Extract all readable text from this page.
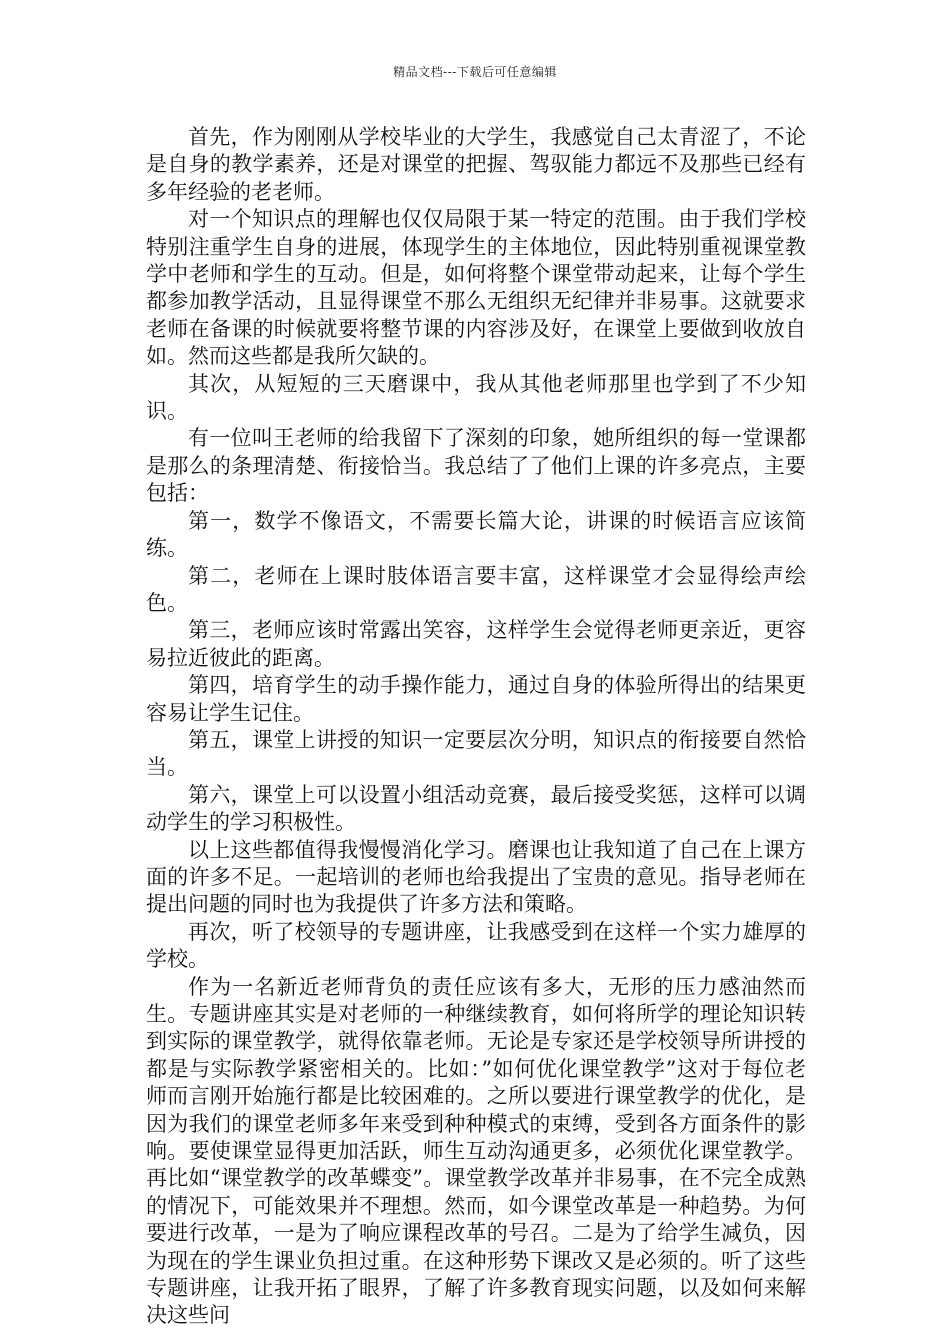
精品文档---下载后可任意编辑

首先，作为刚刚从学校毕业的大学生，我感觉自己太青涩了，不论是自身的教学素养，还是对课堂的把握、驾驭能力都远不及那些已经有多年经验的老老师。

对一个知识点的理解也仅仅局限于某一特定的范围。由于我们学校特别注重学生自身的进展，体现学生的主体地位，因此特别重视课堂教学中老师和学生的互动。但是，如何将整个课堂带动起来，让每个学生都参加教学活动，且显得课堂不那么无组织无纪律并非易事。这就要求老师在备课的时候就要将整节课的内容涉及好，在课堂上要做到收放自如。然而这些都是我所欠缺的。

其次，从短短的三天磨课中，我从其他老师那里也学到了不少知识。

有一位叫王老师的给我留下了深刻的印象，她所组织的每一堂课都是那么的条理清楚、衔接恰当。我总结了了他们上课的许多亮点，主要包括：

第一，数学不像语文，不需要长篇大论，讲课的时候语言应该简练。

第二，老师在上课时肢体语言要丰富，这样课堂才会显得绘声绘色。

第三，老师应该时常露出笑容，这样学生会觉得老师更亲近，更容易拉近彼此的距离。

第四，培育学生的动手操作能力，通过自身的体验所得出的结果更容易让学生记住。

第五，课堂上讲授的知识一定要层次分明，知识点的衔接要自然恰当。

第六，课堂上可以设置小组活动竞赛，最后接受奖惩，这样可以调动学生的学习积极性。

以上这些都值得我慢慢消化学习。磨课也让我知道了自己在上课方面的许多不足。一起培训的老师也给我提出了宝贵的意见。指导老师在提出问题的同时也为我提供了许多方法和策略。

再次，听了校领导的专题讲座，让我感受到在这样一个实力雄厚的学校。

作为一名新近老师背负的责任应该有多大，无形的压力感油然而生。专题讲座其实是对老师的一种继续教育，如何将所学的理论知识转到实际的课堂教学，就得依靠老师。无论是专家还是学校领导所讲授的都是与实际教学紧密相关的。比如：”如何优化课堂教学”这对于每位老师而言刚开始施行都是比较困难的。之所以要进行课堂教学的优化，是因为我们的课堂老师多年来受到种种模式的束缚，受到各方面条件的影响。要使课堂显得更加活跃，师生互动沟通更多，必须优化课堂教学。再比如“课堂教学的改革蝶变”。课堂教学改革并非易事，在不完全成熟的情况下，可能效果并不理想。然而，如今课堂改革是一种趋势。为何要进行改革，一是为了响应课程改革的号召。二是为了给学生减负，因为现在的学生课业负担过重。在这种形势下课改又是必须的。听了这些专题讲座，让我开拓了眼界，了解了许多教育现实问题，以及如何来解决这些问
